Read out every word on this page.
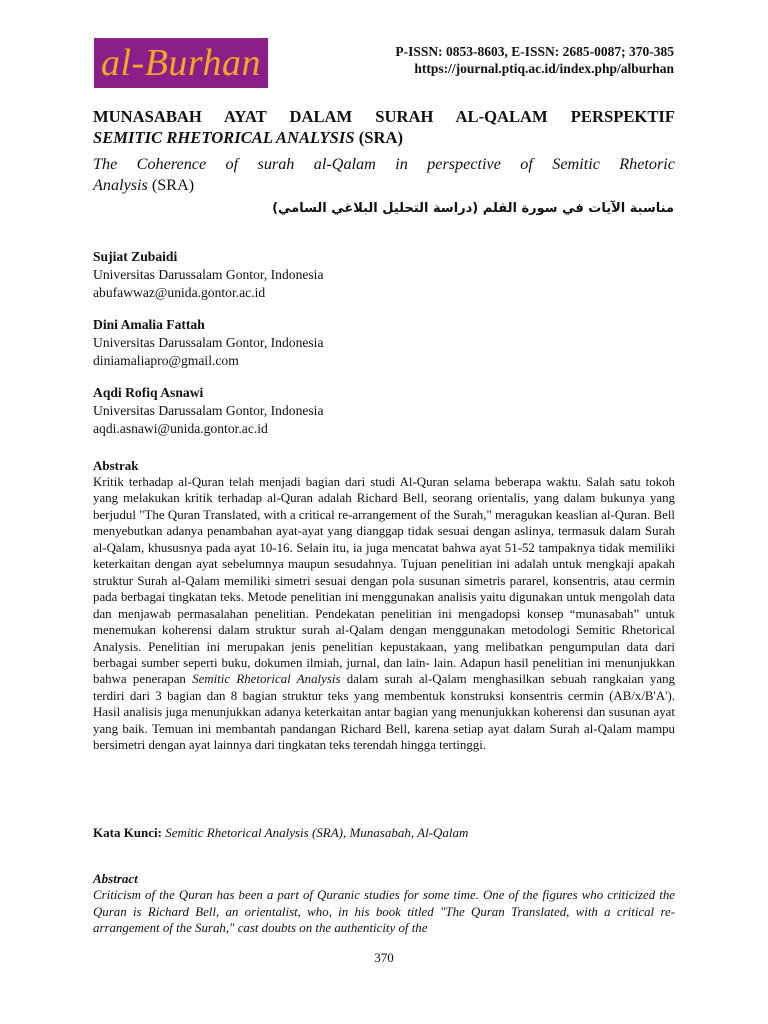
al-Burhan	P-ISSN: 0853-8603, E-ISSN: 2685-0087; 370-385
https://journal.ptiq.ac.id/index.php/alburhan
MUNASABAH AYAT DALAM SURAH AL-QALAM PERSPEKTIF
SEMITIC RHETORICAL ANALYSIS (SRA)
The Coherence of surah al-Qalam in perspective of Semitic Rhetoric
Analysis (SRA)
مناسبة الآيات في سورة القلم (دراسة التحليل البلاغي السامي)
Sujiat Zubaidi
Universitas Darussalam Gontor, Indonesia
abufawwaz@unida.gontor.ac.id
Dini Amalia Fattah
Universitas Darussalam Gontor, Indonesia
diniamaliapro@gmail.com
Aqdi Rofiq Asnawi
Universitas Darussalam Gontor, Indonesia
aqdi.asnawi@unida.gontor.ac.id
Abstrak
Kritik terhadap al-Quran telah menjadi bagian dari studi Al-Quran selama beberapa waktu. Salah satu tokoh yang melakukan kritik terhadap al-Quran adalah Richard Bell, seorang orientalis, yang dalam bukunya yang berjudul "The Quran Translated, with a critical re-arrangement of the Surah," meragukan keaslian al-Quran. Bell menyebutkan adanya penambahan ayat-ayat yang dianggap tidak sesuai dengan aslinya, termasuk dalam Surah al-Qalam, khususnya pada ayat 10-16. Selain itu, ia juga mencatat bahwa ayat 51-52 tampaknya tidak memiliki keterkaitan dengan ayat sebelumnya maupun sesudahnya. Tujuan penelitian ini adalah untuk mengkaji apakah struktur Surah al-Qalam memiliki simetri sesuai dengan pola susunan simetris pararel, konsentris, atau cermin pada berbagai tingkatan teks. Metode penelitian ini menggunakan analisis yaitu digunakan untuk mengolah data dan menjawab permasalahan penelitian. Pendekatan penelitian ini mengadopsi konsep “munasabah” untuk menemukan koherensi dalam struktur surah al-Qalam dengan menggunakan metodologi Semitic Rhetorical Analysis. Penelitian ini merupakan jenis penelitian kepustakaan, yang melibatkan pengumpulan data dari berbagai sumber seperti buku, dokumen ilmiah, jurnal, dan lain- lain. Adapun hasil penelitian ini menunjukkan bahwa penerapan Semitic Rhetorical Analysis dalam surah al-Qalam menghasilkan sebuah rangkaian yang terdiri dari 3 bagian dan 8 bagian struktur teks yang membentuk konstruksi konsentris cermin (AB/x/B'A'). Hasil analisis juga menunjukkan adanya keterkaitan antar bagian yang menunjukkan koherensi dan susunan ayat yang baik. Temuan ini membantah pandangan Richard Bell, karena setiap ayat dalam Surah al-Qalam mampu bersimetri dengan ayat lainnya dari tingkatan teks terendah hingga tertinggi.
Kata Kunci: Semitic Rhetorical Analysis (SRA), Munasabah, Al-Qalam
Abstract
Criticism of the Quran has been a part of Quranic studies for some time. One of the figures who criticized the Quran is Richard Bell, an orientalist, who, in his book titled "The Quran Translated, with a critical re-arrangement of the Surah," cast doubts on the authenticity of the
370
